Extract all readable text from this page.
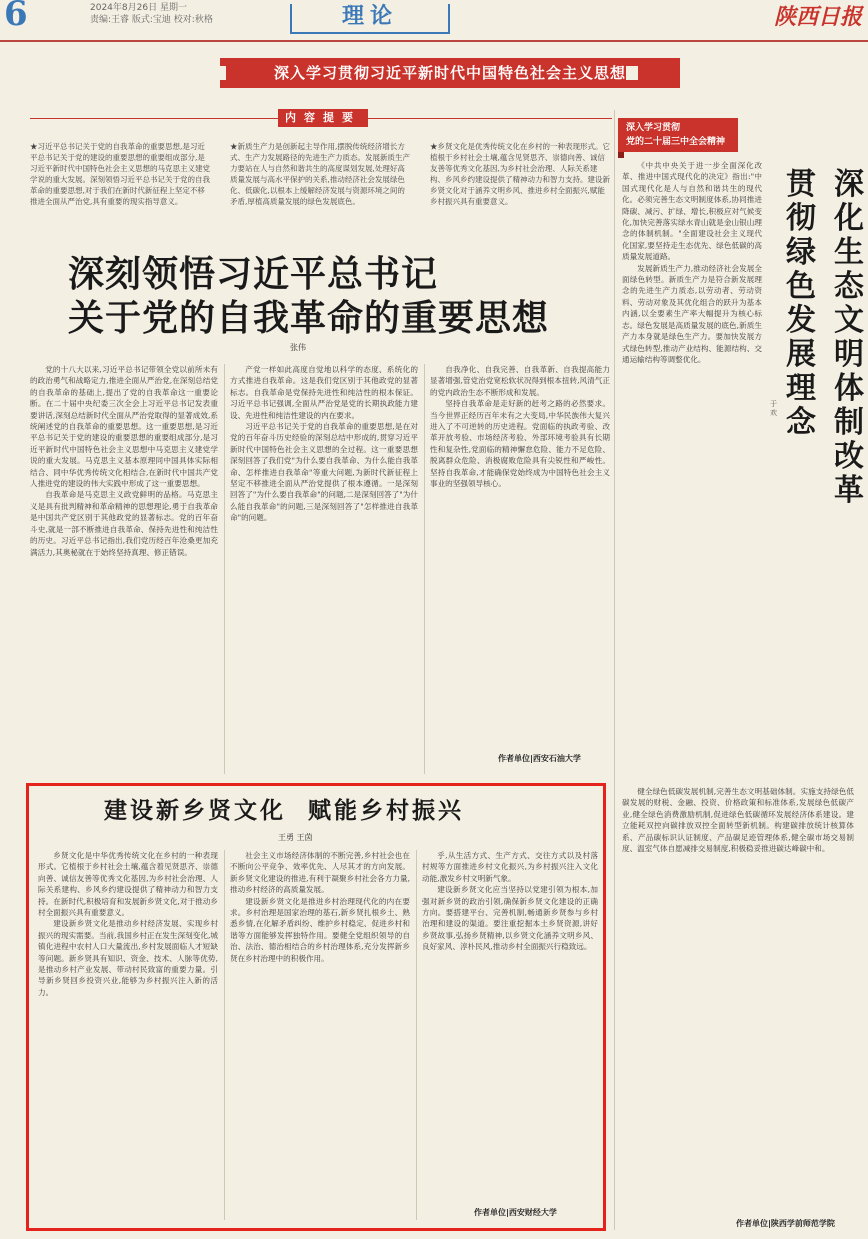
6	2024年8月26日 星期一
责编:王睿 版式:宝迪 校对:秋格	理论	陕西日报
深入学习贯彻习近平新时代中国特色社会主义思想
内容提要
★习近平总书记关于党的自我革命的重要思想,是习近平总书记关于党的建设的重要思想的重要组成部分,是习近平新时代中国特色社会主义思想的马克思主义建党学说的重大发展。深刻领悟习近平总书记关于党的自我革命的重要思想,对于我们在新时代新征程上坚定不移推进全面从严治党,具有重要的现实指导意义。
★新质生产力是创新起主导作用,摆脱传统经济增长方式、生产力发展路径的先进生产力质态。发展新质生产力要站在人与自然和谐共生的高度谋划发展,处理好高质量发展与高水平保护的关系,推动经济社会发展绿色化、低碳化,以根本上缓解经济发展与资源环境之间的矛盾,厚植高质量发展的绿色发展底色。
★乡贤文化是优秀传统文化在乡村的一种表现形式。它植根于乡村社会土壤,蕴含见贤思齐、崇德向善、诚信友善等优秀文化基因,为乡村社会治理、人际关系建构、乡风乡约建设提供了精神动力和智力支持。建设新乡贤文化对于涵养文明乡风、推进乡村全面振兴,赋能乡村振兴具有重要意义。
深刻领悟习近平总书记
关于党的自我革命的重要思想
张伟

党的十八大以来,习近平总书记带领全党以前所未有的政治勇气和战略定力,推进全面从严治党,在深刻总结党的自我革命的基础上,提出了党的自我革命这一重要论断。在二十届中央纪委三次全会上习近平总书记发表重要讲话,深刻总结新时代全面从严治党取得的显著成效,系统阐述党的自我革命的重要思想。这一重要思想,是习近平总书记关于党的建设的重要思想的重要组成部分,是习近平新时代中国特色社会主义思想中马克思主义建党学说的重大发展。马克思主义基本原理同中国具体实际相结合、同中华优秀传统文化相结合,在新时代中国共产党人推进党的建设的伟大实践中形成了这一重要思想。

自我革命是马克思主义政党鲜明的品格。马克思主义是具有批判精神和革命精神的思想理论,勇于自我革命是中国共产党区别于其他政党的显著标志。党的百年奋斗史,就是一部不断推进自我革命、保持先进性和纯洁性的历史。习近平总书记指出,我们党历经百年沧桑更加充满活力,其奥秘就在于始终坚持真理、修正错误。

产党一样如此高度自觉地以科学的态度、系统化的方式推进自我革命。这是我们党区别于其他政党的显著标志。自我革命是党保持先进性和纯洁性的根本保证。习近平总书记强调,全面从严治党是党的长期执政能力建设、先进性和纯洁性建设的内在要求。

习近平总书记关于党的自我革命的重要思想,是在对党的百年奋斗历史经验的深刻总结中形成的,贯穿习近平新时代中国特色社会主义思想的全过程。这一重要思想深刻回答了我们党"为什么要自我革命、为什么能自我革命、怎样推进自我革命"等重大问题,为新时代新征程上坚定不移推进全面从严治党提供了根本遵循。一是深刻回答了"为什么要自我革命"的问题,二是深刻回答了"为什么能自我革命"的问题,三是深刻回答了"怎样推进自我革命"的问题。

自我净化、自我完善、自我革新、自我提高能力显著增强,管党治党宽松软状况得到根本扭转,风清气正的党内政治生态不断形成和发展。

坚持自我革命是走好新的赶考之路的必然要求。当今世界正经历百年未有之大变局,中华民族伟大复兴进入了不可逆转的历史进程。党面临的执政考验、改革开放考验、市场经济考验、外部环境考验具有长期性和复杂性,党面临的精神懈怠危险、能力不足危险、脱离群众危险、消极腐败危险具有尖锐性和严峻性。坚持自我革命,才能确保党始终成为中国特色社会主义事业的坚强领导核心。

作者单位|西安石油大学
深入学习贯彻
党的二十届三中全会精神
贯彻绿色发展理念
深化生态文明体制改革
于欢

《中共中央关于进一步全面深化改革、推进中国式现代化的决定》指出:"中国式现代化是人与自然和谐共生的现代化。必须完善生态文明制度体系,协同推进降碳、减污、扩绿、增长,积极应对气候变化,加快完善落实绿水青山就是金山银山理念的体制机制。"全面建设社会主义现代化国家,要坚持走生态优先、绿色低碳的高质量发展道路。

发展新质生产力,推动经济社会发展全面绿色转型。新质生产力是符合新发展理念的先进生产力质态,以劳动者、劳动资料、劳动对象及其优化组合的跃升为基本内涵,以全要素生产率大幅提升为核心标志。绿色发展是高质量发展的底色,新质生产力本身就是绿色生产力。要加快发展方式绿色转型,推动产业结构、能源结构、交通运输结构等调整优化。

健全绿色低碳发展机制,完善生态文明基础体制。实施支持绿色低碳发展的财税、金融、投资、价格政策和标准体系,发展绿色低碳产业,健全绿色消费激励机制,促进绿色低碳循环发展经济体系建设。建立能耗双控向碳排放双控全面转型新机制。构建碳排放统计核算体系、产品碳标识认证制度、产品碳足迹管理体系,健全碳市场交易制度、温室气体自愿减排交易制度,积极稳妥推进碳达峰碳中和。

作者单位|陕西学前师范学院
建设新乡贤文化 赋能乡村振兴
王勇 王茵

乡贤文化是中华优秀传统文化在乡村的一种表现形式。它植根于乡村社会土壤,蕴含着见贤思齐、崇德向善、诚信友善等优秀文化基因,为乡村社会治理、人际关系建构、乡风乡约建设提供了精神动力和智力支持。在新时代,积极培育和发展新乡贤文化,对于推动乡村全面振兴具有重要意义。

建设新乡贤文化是推动乡村经济发展、实现乡村振兴的现实需要。当前,我国乡村正在发生深刻变化,城镇化进程中农村人口大量流出,乡村发展面临人才短缺等问题。新乡贤具有知识、资金、技术、人脉等优势,是推动乡村产业发展、带动村民致富的重要力量。引导新乡贤回乡投资兴业,能够为乡村振兴注入新的活力。

社会主义市场经济体制的不断完善,乡村社会也在不断向公平竞争、效率优先、人尽其才的方向发展。新乡贤文化建设的推进,有利于凝聚乡村社会各方力量,推动乡村经济的高质量发展。

建设新乡贤文化是推进乡村治理现代化的内在要求。乡村治理是国家治理的基石,新乡贤扎根乡土、熟悉乡情,在化解矛盾纠纷、维护乡村稳定、促进乡村和谐等方面能够发挥独特作用。要健全党组织领导的自治、法治、德治相结合的乡村治理体系,充分发挥新乡贤在乡村治理中的积极作用。

乎,从生活方式、生产方式、交往方式以及村落村规等方面推进乡村文化振兴,为乡村振兴注入文化动能,激发乡村文明新气象。

建设新乡贤文化应当坚持以党建引领为根本,加强对新乡贤的政治引领,确保新乡贤文化建设的正确方向。要搭建平台、完善机制,畅通新乡贤参与乡村治理和建设的渠道。要注重挖掘本土乡贤资源,讲好乡贤故事,弘扬乡贤精神,以乡贤文化涵养文明乡风、良好家风、淳朴民风,推动乡村全面振兴行稳致远。

作者单位|西安财经大学
